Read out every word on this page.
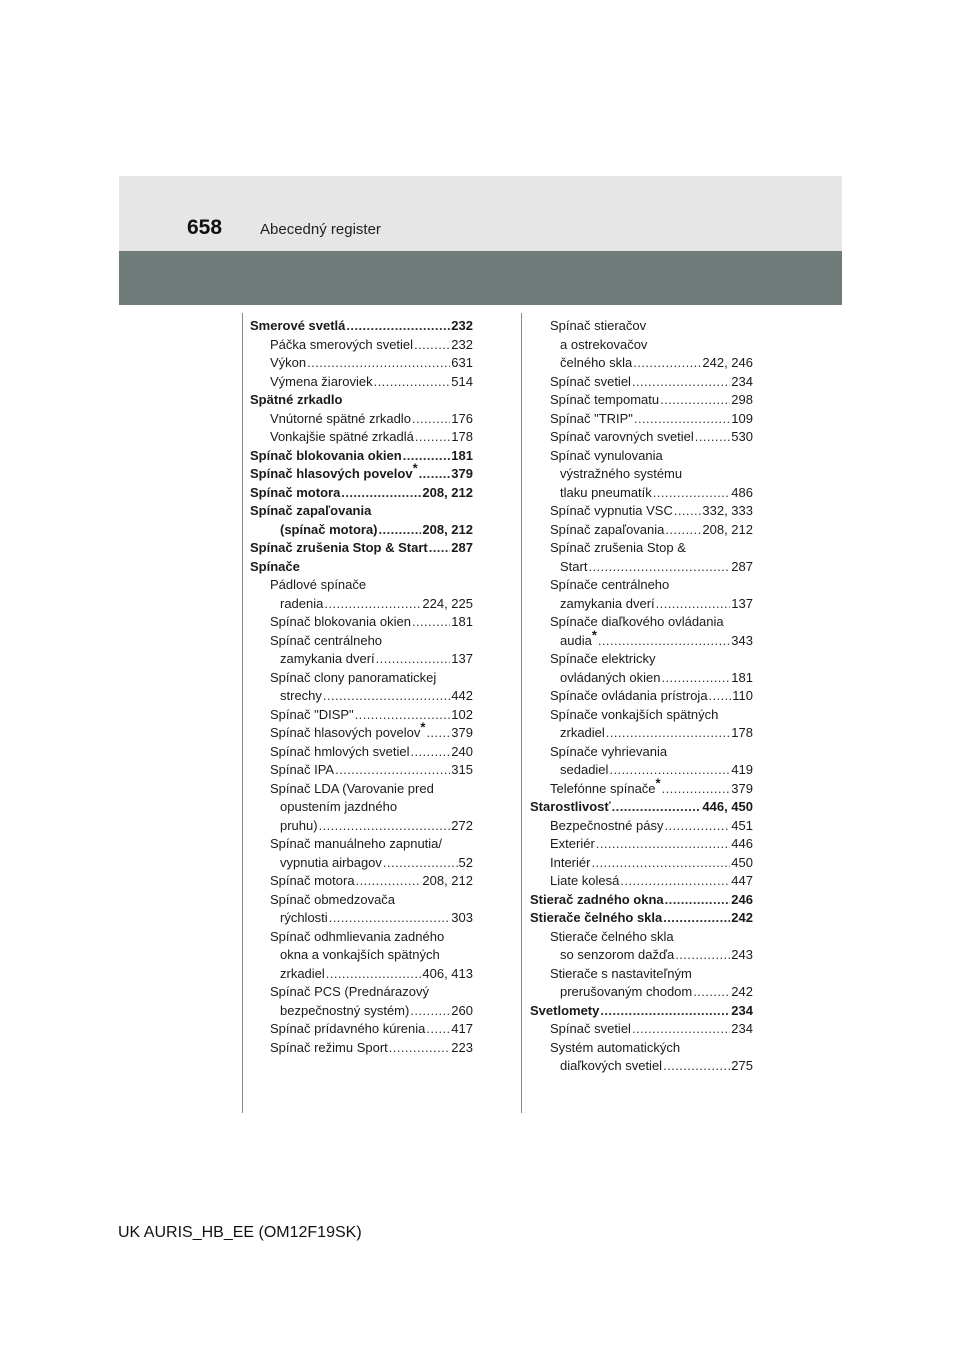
658	Abecedný register
Smerové svetlá . . .	232
Páčka smerových svetiel . . .	232
Výkon . . .	631
Výmena žiaroviek . . .	514
Spätné zrkadlo
Vnútorné spätné zrkadlo . . .	176
Vonkajšie spätné zrkadlá . . .	178
Spínač blokovania okien . . .	181
Spínač hlasových povelov* . . .	379
Spínač motora . . .	208, 212
Spínač zapaľovania
(spínač motora) . . .	208, 212
Spínač zrušenia Stop & Start . . . 287
Spínače
Pádlové spínače
radenia . . .	224, 225
Spínač blokovania okien . . .	181
Spínač centrálneho
zamykania dverí . . .	137
Spínač clony panoramatickej
strechy . . .	442
Spínač "DISP" . . .	102
Spínač hlasových povelov* . . . 379
Spínač hmlových svetiel . . .	240
Spínač IPA . . .	315
Spínač LDA (Varovanie pred
opustením jazdného
pruhu) . . .	272
Spínač manuálneho zapnutia/
vypnutia airbagov . . .	52
Spínač motora . . .	208, 212
Spínač obmedzovača
rýchlosti . . .	303
Spínač odhmlievania zadného
okna a vonkajších spätných
zrkadiel . . .	406, 413
Spínač PCS (Prednárazový
bezpečnostný systém) . . .	260
Spínač prídavného kúrenia . . . 417
Spínač režimu Sport . . .	223
Spínač stieračov
a ostrekovačov
čelného skla . . .	242, 246
Spínač svetiel . . .	234
Spínač tempomatu . . .	298
Spínač "TRIP" . . .	109
Spínač varovných svetiel . . .	530
Spínač vynulovania
výstražného systému
tlaku pneumatík . . .	486
Spínač vypnutia VSC . . . 332, 333
Spínač zapaľovania . . .	208, 212
Spínač zrušenia Stop &
Start . . .	287
Spínače centrálneho
zamykania dverí . . .	137
Spínače diaľkového ovládania
audia* . . .	343
Spínače elektricky
ovládaných okien . . .	181
Spínače ovládania prístroja . . . 110
Spínače vonkajších spätných
zrkadiel . . .	178
Spínače vyhrievania
sedadiel . . .	419
Telefónne spínače* . . .	379
Starostlivosť . . .	446, 450
Bezpečnostné pásy . . .	451
Exteriér . . .	446
Interiér . . .	450
Liate kolesá . . .	447
Stierač zadného okna . . .	246
Stierače čelného skla . . .	242
Stierače čelného skla
so senzorom dažďa . . .	243
Stierače s nastaviteľným
prerušovaným chodom . . .	242
Svetlomety . . .	234
Spínač svetiel . . .	234
Systém automatických
diaľkových svetiel . . .	275
UK AURIS_HB_EE (OM12F19SK)
